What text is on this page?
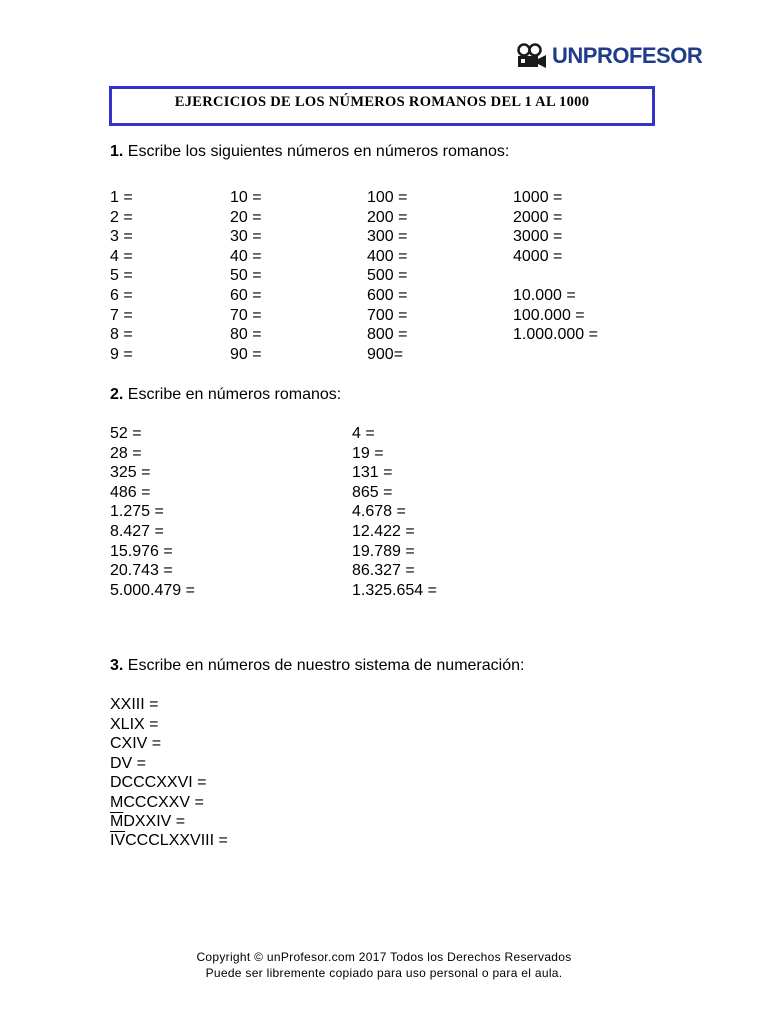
UNPROFESOR
EJERCICIOS DE LOS NÚMEROS ROMANOS DEL 1 AL 1000
1. Escribe los siguientes números en números romanos:
1 =
2 =
3 =
4 =
5 =
6 =
7 =
8 =
9 =
10 =
20 =
30 =
40 =
50 =
60 =
70 =
80 =
90 =
100 =
200 =
300 =
400 =
500 =
600 =
700 =
800 =
900=
1000 =
2000 =
3000 =
4000 =
10.000 =
100.000 =
1.000.000 =
2. Escribe en números romanos:
52 =
28 =
325 =
486 =
1.275 =
8.427 =
15.976 =
20.743 =
5.000.479 =
4 =
19 =
131 =
865 =
4.678 =
12.422 =
19.789 =
86.327 =
1.325.654 =
3. Escribe en números de nuestro sistema de numeración:
XXIII =
XLIX =
CXIV =
DV =
DCCCXXVI =
MCCCXXV =
$\overline{M}DXXIV$ =
$\overline{IV}CCCLXXVIII$ =
Copyright © unProfesor.com 2017 Todos los Derechos Reservados
Puede ser libremente copiado para uso personal o para el aula.
